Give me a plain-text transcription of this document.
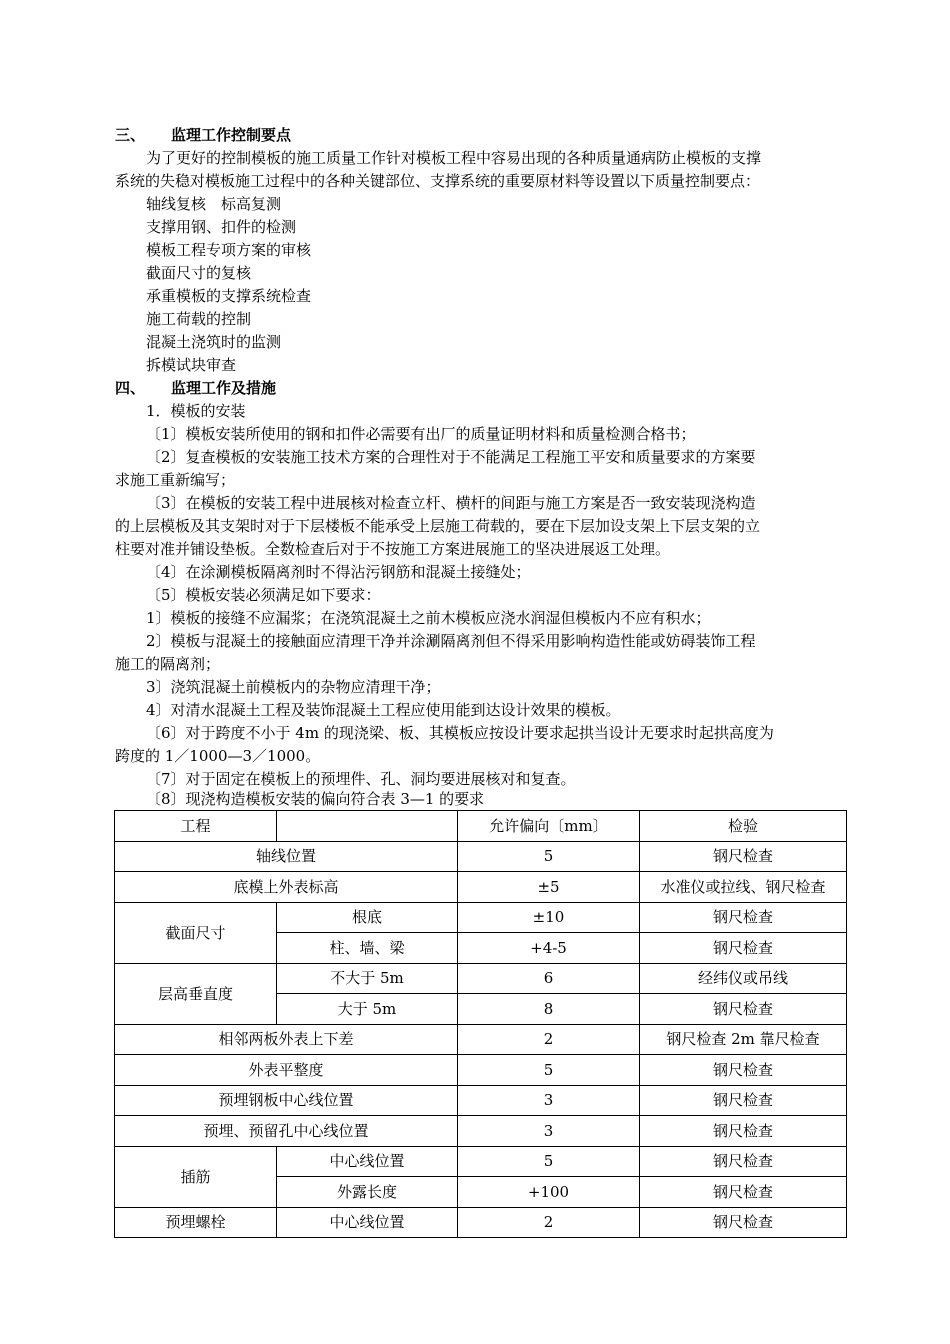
三、 监理工作控制要点
为了更好的控制模板的施工质量工作针对模板工程中容易出现的各种质量通病防止模板的支撑
系统的失稳对模板施工过程中的各种关键部位、支撑系统的重要原材料等设置以下质量控制要点：
轴线复核　标高复测
支撑用钢、扣件的检测
模板工程专项方案的审核
截面尺寸的复核
承重模板的支撑系统检查
施工荷载的控制
混凝土浇筑时的监测
拆模试块审查
四、 监理工作及措施
1．模板的安装
〔1〕模板安装所使用的钢和扣件必需要有出厂的质量证明材料和质量检测合格书；
〔2〕复查模板的安装施工技术方案的合理性对于不能满足工程施工平安和质量要求的方案要
求施工重新编写；
〔3〕在模板的安装工程中进展核对检查立杆、横杆的间距与施工方案是否一致安装现浇构造
的上层模板及其支架时对于下层楼板不能承受上层施工荷载的，要在下层加设支架上下层支架的立
柱要对准并铺设垫板。全数检查后对于不按施工方案进展施工的坚决进展返工处理。
〔4〕在涂涮模板隔离剂时不得沾污钢筋和混凝土接缝处；
〔5〕模板安装必须满足如下要求：
1〕模板的接缝不应漏浆；在浇筑混凝土之前木模板应浇水润湿但模板内不应有积水；
2〕模板与混凝土的接触面应清理干净并涂涮隔离剂但不得采用影响构造性能或妨碍装饰工程
施工的隔离剂；
3〕浇筑混凝土前模板内的杂物应清理干净；
4〕对清水混凝土工程及装饰混凝土工程应使用能到达设计效果的模板。
〔6〕对于跨度不小于 4m 的现浇梁、板、其模板应按设计要求起拱当设计无要求时起拱高度为
跨度的 1／1000—3／1000。
〔7〕对于固定在模板上的预埋件、孔、洞均要进展核对和复查。
〔8〕现浇构造模板安装的偏向符合表 3—1 的要求
工程		允许偏向〔mm〕	检验
轴线位置		5	钢尺检查
底模上外表标高		±5	水准仪或拉线、钢尺检查
截面尺寸	根底	±10	钢尺检查
	柱、墙、梁	+4-5	钢尺检查
层高垂直度	不大于 5m	6	经纬仪或吊线
	大于 5m	8	钢尺检查
相邻两板外表上下差		2	钢尺检查 2m 靠尺检查
外表平整度		5	钢尺检查
预埋钢板中心线位置		3	钢尺检查
预埋、预留孔中心线位置		3	钢尺检查
插筋	中心线位置	5	钢尺检查
	外露长度	+100	钢尺检查
预埋螺栓	中心线位置	2	钢尺检查
